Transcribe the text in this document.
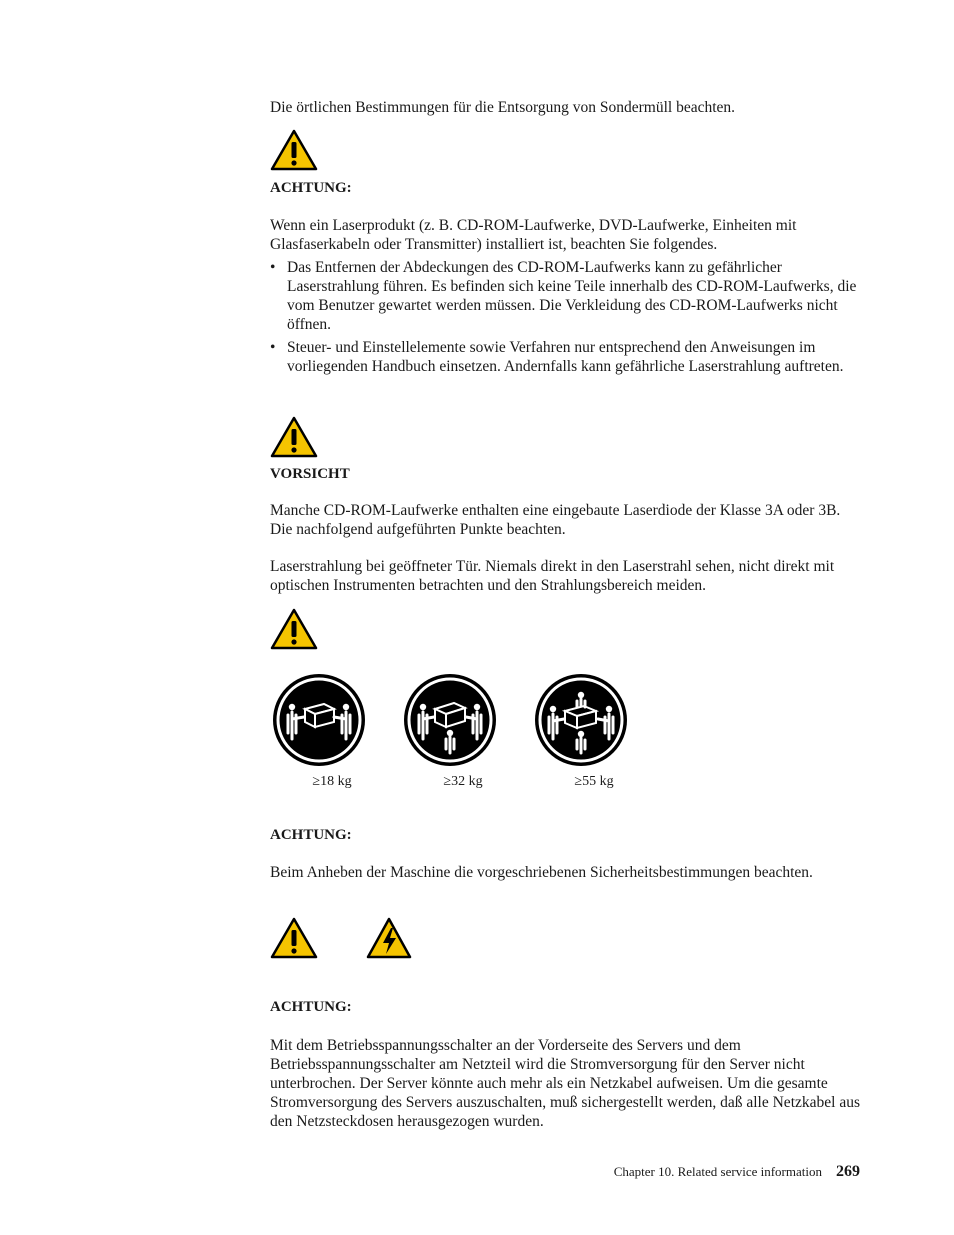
Die örtlichen Bestimmungen für die Entsorgung von Sondermüll beachten.
ACHTUNG:
Wenn ein Laserprodukt (z. B. CD-ROM-Laufwerke, DVD-Laufwerke, Einheiten mit Glasfaserkabeln oder Transmitter) installiert ist, beachten Sie folgendes.
• Das Entfernen der Abdeckungen des CD-ROM-Laufwerks kann zu gefährlicher Laserstrahlung führen. Es befinden sich keine Teile innerhalb des CD-ROM-Laufwerks, die vom Benutzer gewartet werden müssen. Die Verkleidung des CD-ROM-Laufwerks nicht öffnen.
• Steuer- und Einstellelemente sowie Verfahren nur entsprechend den Anweisungen im vorliegenden Handbuch einsetzen. Andernfalls kann gefährliche Laserstrahlung auftreten.
VORSICHT
Manche CD-ROM-Laufwerke enthalten eine eingebaute Laserdiode der Klasse 3A oder 3B. Die nachfolgend aufgeführten Punkte beachten.
Laserstrahlung bei geöffneter Tür. Niemals direkt in den Laserstrahl sehen, nicht direkt mit optischen Instrumenten betrachten und den Strahlungsbereich meiden.
≥18 kg	≥32 kg	≥55 kg
ACHTUNG:
Beim Anheben der Maschine die vorgeschriebenen Sicherheitsbestimmungen beachten.
ACHTUNG:
Mit dem Betriebsspannungsschalter an der Vorderseite des Servers und dem Betriebsspannungsschalter am Netzteil wird die Stromversorgung für den Server nicht unterbrochen. Der Server könnte auch mehr als ein Netzkabel aufweisen. Um die gesamte Stromversorgung des Servers auszuschalten, muß sichergestellt werden, daß alle Netzkabel aus den Netzsteckdosen herausgezogen wurden.
Chapter 10. Related service information 269
